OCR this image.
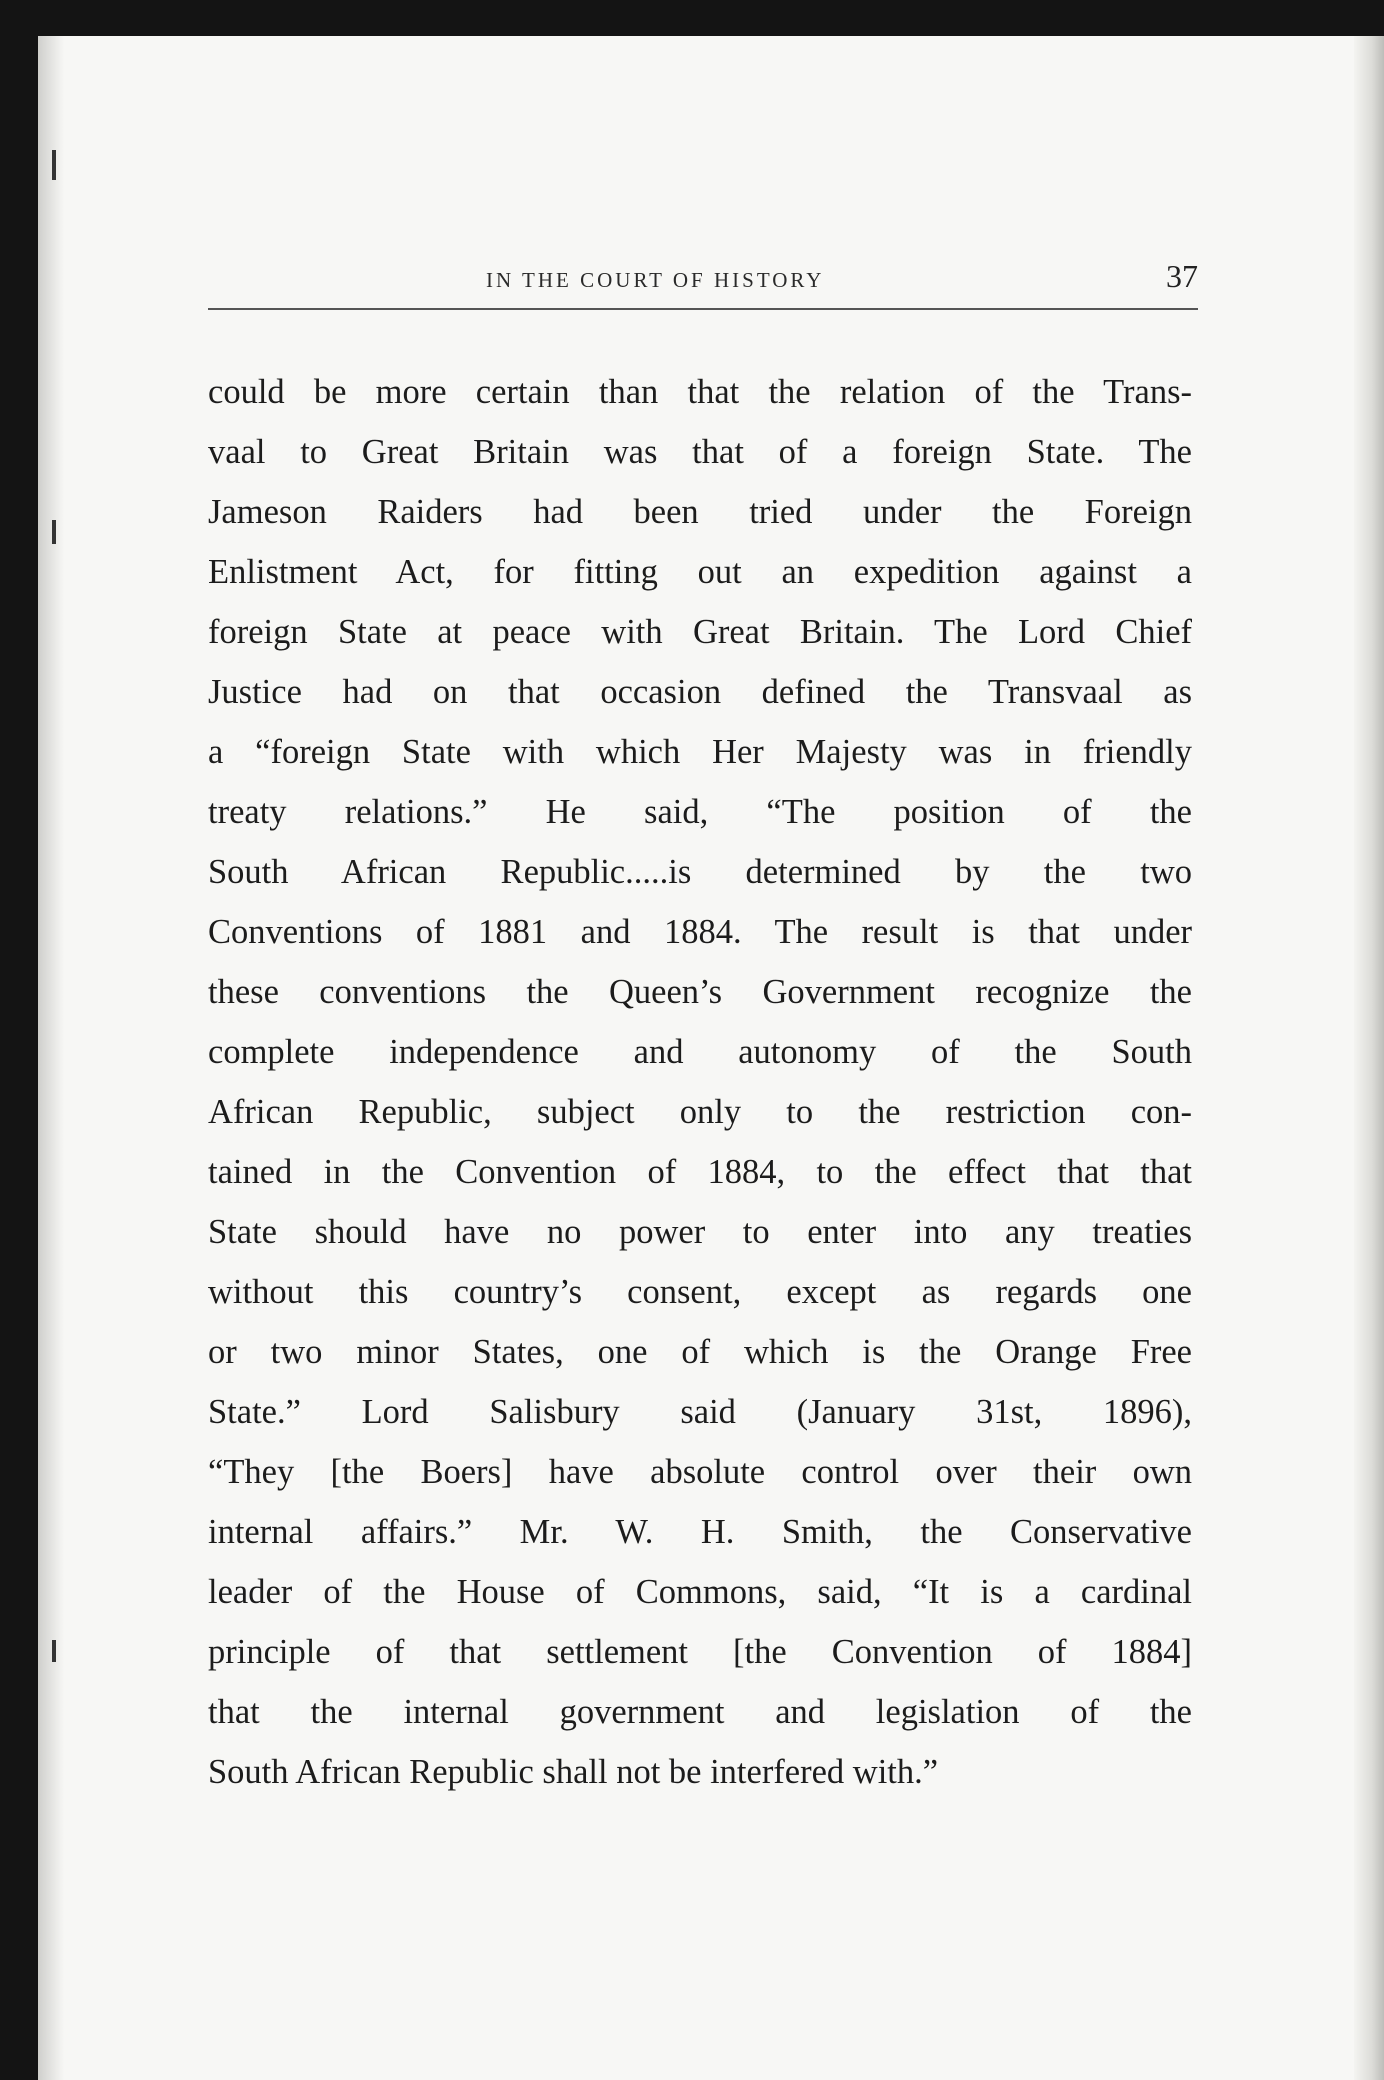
IN THE COURT OF HISTORY	37
could be more certain than that the relation of the Trans-
vaal to Great Britain was that of a foreign State. The
Jameson Raiders had been tried under the Foreign
Enlistment Act, for fitting out an expedition against a
foreign State at peace with Great Britain. The Lord Chief
Justice had on that occasion defined the Transvaal as
a “foreign State with which Her Majesty was in friendly
treaty relations.” He said, “The position of the
South African Republic.....is determined by the two
Conventions of 1881 and 1884. The result is that under
these conventions the Queen’s Government recognize the
complete independence and autonomy of the South
African Republic, subject only to the restriction con-
tained in the Convention of 1884, to the effect that that
State should have no power to enter into any treaties
without this country’s consent, except as regards one
or two minor States, one of which is the Orange Free
State.” Lord Salisbury said (January 31st, 1896),
“They [the Boers] have absolute control over their own
internal affairs.” Mr. W. H. Smith, the Conservative
leader of the House of Commons, said, “It is a cardinal
principle of that settlement [the Convention of 1884]
that the internal government and legislation of the
South African Republic shall not be interfered with.”
